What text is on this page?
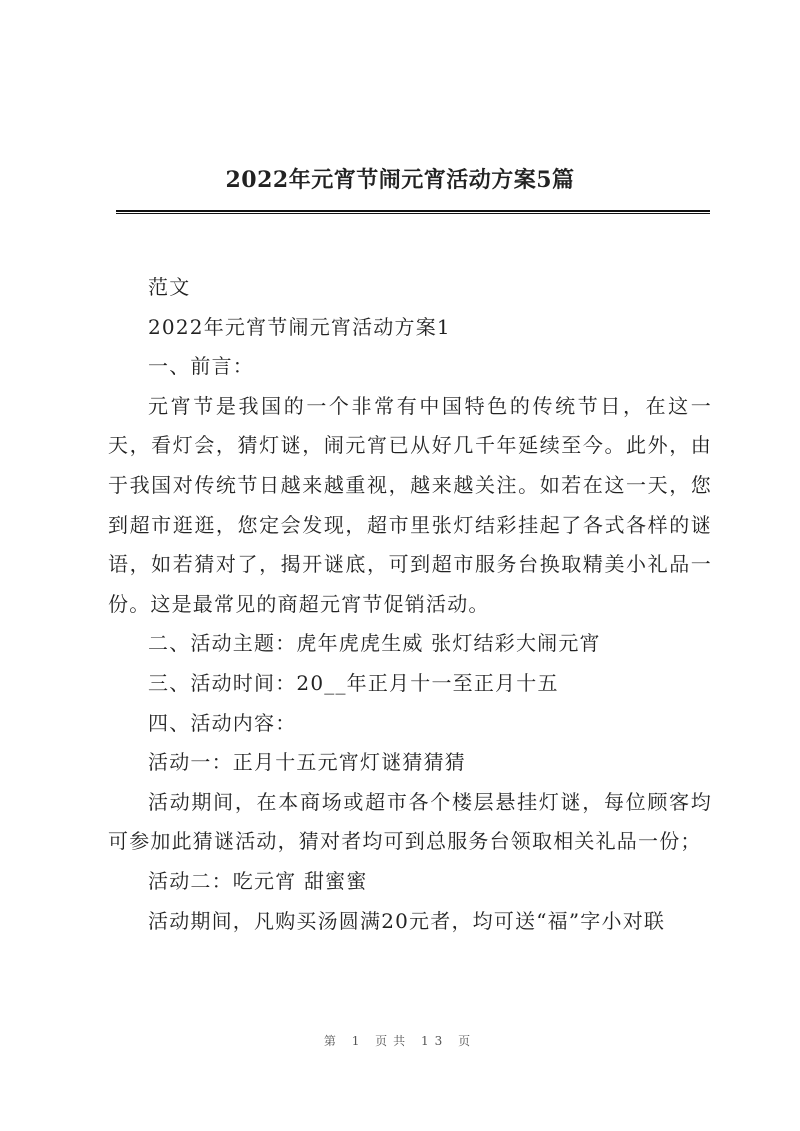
2022年元宵节闹元宵活动方案5篇

范文

2022年元宵节闹元宵活动方案1

一、前言：

元宵节是我国的一个非常有中国特色的传统节日，在这一天，看灯会，猜灯谜，闹元宵已从好几千年延续至今。此外，由于我国对传统节日越来越重视，越来越关注。如若在这一天，您到超市逛逛，您定会发现，超市里张灯结彩挂起了各式各样的谜语，如若猜对了，揭开谜底，可到超市服务台换取精美小礼品一份。这是最常见的商超元宵节促销活动。

二、活动主题：虎年虎虎生威 张灯结彩大闹元宵

三、活动时间：20__年正月十一至正月十五

四、活动内容：

活动一：正月十五元宵灯谜猜猜猜

活动期间，在本商场或超市各个楼层悬挂灯谜，每位顾客均可参加此猜谜活动，猜对者均可到总服务台领取相关礼品一份；

活动二：吃元宵 甜蜜蜜

活动期间，凡购买汤圆满20元者，均可送“福”字小对联

第 1 页共 13 页
